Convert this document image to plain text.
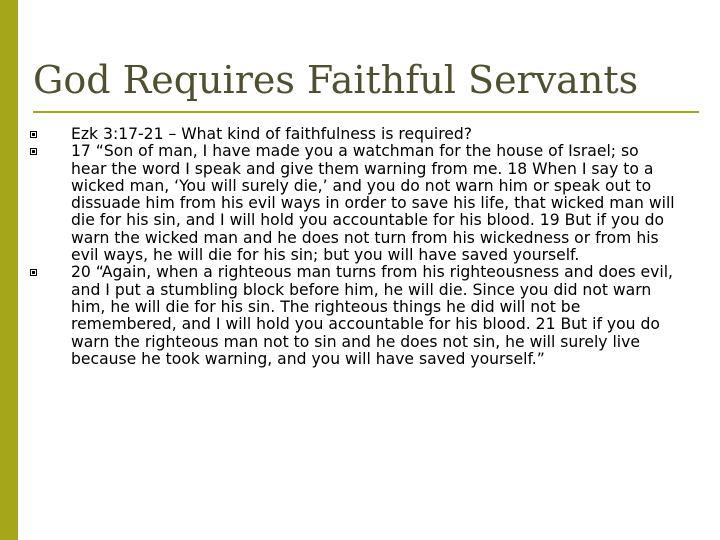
God Requires Faithful Servants
Ezk 3:17-21 – What kind of faithfulness is required?
17 “Son of man, I have made you a watchman for the house of Israel; so hear the word I speak and give them warning from me. 18 When I say to a wicked man, ‘You will surely die,’ and you do not warn him or speak out to dissuade him from his evil ways in order to save his life, that wicked man will die for his sin, and I will hold you accountable for his blood. 19 But if you do warn the wicked man and he does not turn from his wickedness or from his evil ways, he will die for his sin; but you will have saved yourself.
20 “Again, when a righteous man turns from his righteousness and does evil, and I put a stumbling block before him, he will die. Since you did not warn him, he will die for his sin. The righteous things he did will not be remembered, and I will hold you accountable for his blood. 21 But if you do warn the righteous man not to sin and he does not sin, he will surely live because he took warning, and you will have saved yourself.”
